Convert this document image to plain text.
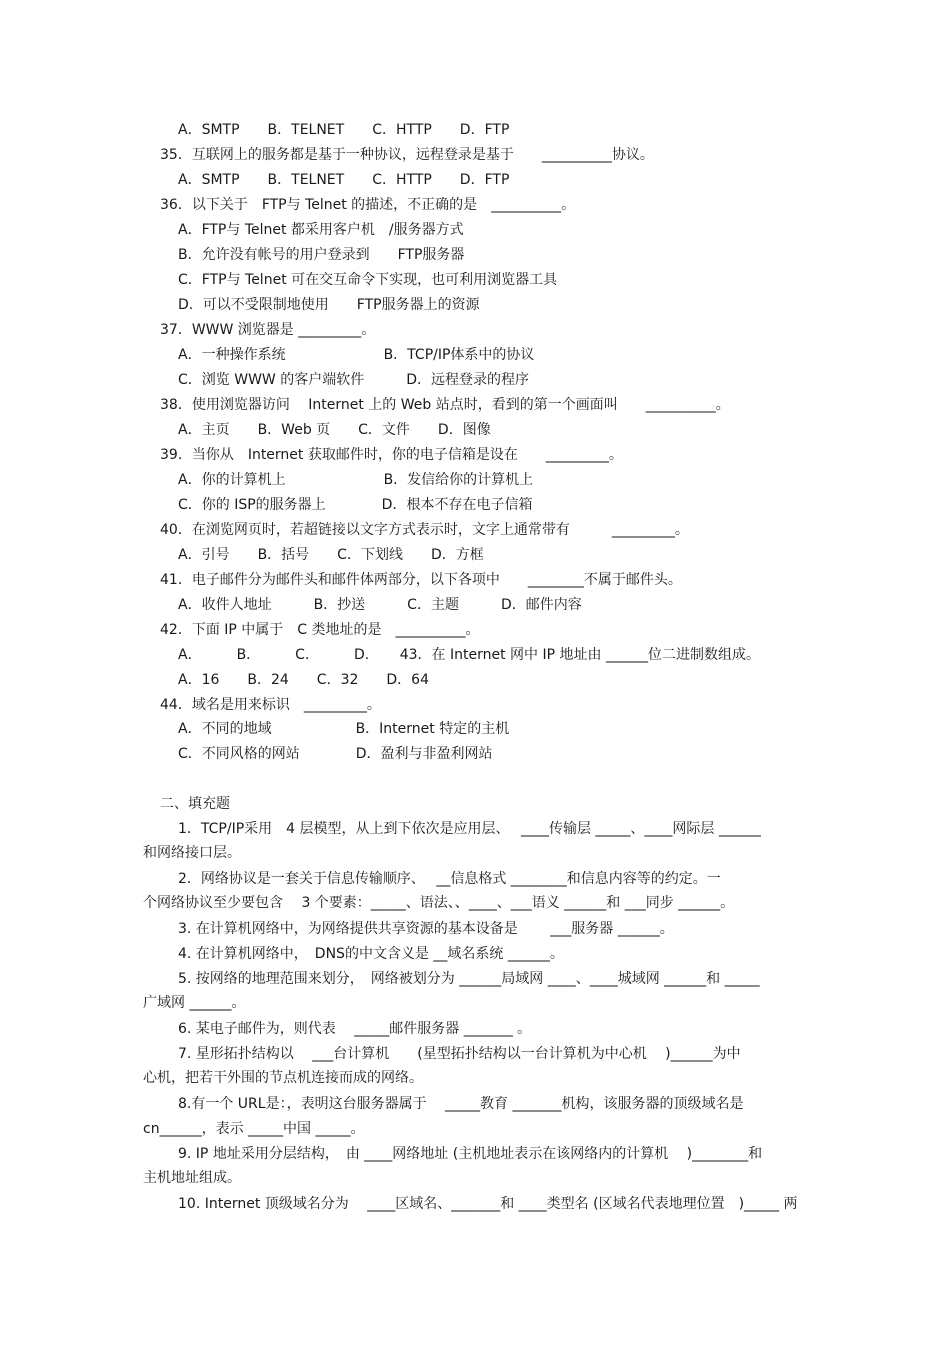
A．SMTP　　B．TELNET　　C．HTTP　　D．FTP
35．互联网上的服务都是基于一种协议，远程登录是基于　　__________协议。
A．SMTP　　B．TELNET　　C．HTTP　　D．FTP
36．以下关于　FTP与 Telnet 的描述，不正确的是　__________。
A．FTP与 Telnet 都采用客户机　/服务器方式
B．允许没有帐号的用户登录到　　FTP服务器
C．FTP与 Telnet 可在交互命令下实现，也可利用浏览器工具
D．可以不受限制地使用　　FTP服务器上的资源
37．WWW 浏览器是 _________。
A．一种操作系统　　　　　　　B．TCP/IP体系中的协议
C．浏览 WWW 的客户端软件　　　D．远程登录的程序
38．使用浏览器访问　 Internet 上的 Web 站点时，看到的第一个画面叫　　__________。
A．主页　　B．Web 页　　C．文件　　D．图像
39．当你从　Internet 获取邮件时，你的电子信箱是设在　　_________。
A．你的计算机上　　　　　　　B．发信给你的计算机上
C．你的 ISP的服务器上　　　　D．根本不存在电子信箱
40．在浏览网页时，若超链接以文字方式表示时，文字上通常带有　　　_________。
A．引号　　B．括号　　C．下划线　　D．方框
41．电子邮件分为邮件头和邮件体两部分，以下各项中　　________不属于邮件头。
A．收件人地址　　　B．抄送　　　C．主题　　　D．邮件内容
42．下面 IP 中属于　C 类地址的是　__________。
A．　　　B．　　　C．　　　D．　　43．在 Internet 网中 IP 地址由 ______位二进制数组成。
A．16　　B．24　　C．32　　D．64
44．域名是用来标识　_________。
A．不同的地域　　　　　　B．Internet 特定的主机
C．不同风格的网站　　　　D．盈利与非盈利网站
二、填充题
1．TCP/IP采用　4 层模型，从上到下依次是应用层、　 ____传输层 _____、____网际层 ______
和网络接口层。
2．网络协议是一套关于信息传输顺序、　 __信息格式 ________和信息内容等的约定。一
个网络协议至少要包含　 3 个要素：_____、语法、、____、___语义 ______和 ___同步 ______。
3. 在计算机网络中，为网络提供共享资源的基本设备是　　 ___服务器 ______。
4. 在计算机网络中，　DNS的中文含义是 __域名系统 ______。
5. 按网络的地理范围来划分，　网络被划分为 ______局域网 ____、____城域网 ______和 _____
广域网 ______。
6. 某电子邮件为，则代表　 _____邮件服务器 _______ 。
7. 星形拓扑结构以　 ___台计算机　　(星型拓扑结构以一台计算机为中心机　 )______为中
心机，把若干外围的节点机连接而成的网络。
8.有一个 URL是：，表明这台服务器属于　 _____教育 _______机构，该服务器的顶级域名是
cn______，表示 _____中国 _____。
9. IP 地址采用分层结构，　由 ____网络地址 (主机地址表示在该网络内的计算机　 )________和
主机地址组成。
10. Internet 顶级域名分为　 ____区域名、_______和 ____类型名 (区域名代表地理位置　)_____ 两
